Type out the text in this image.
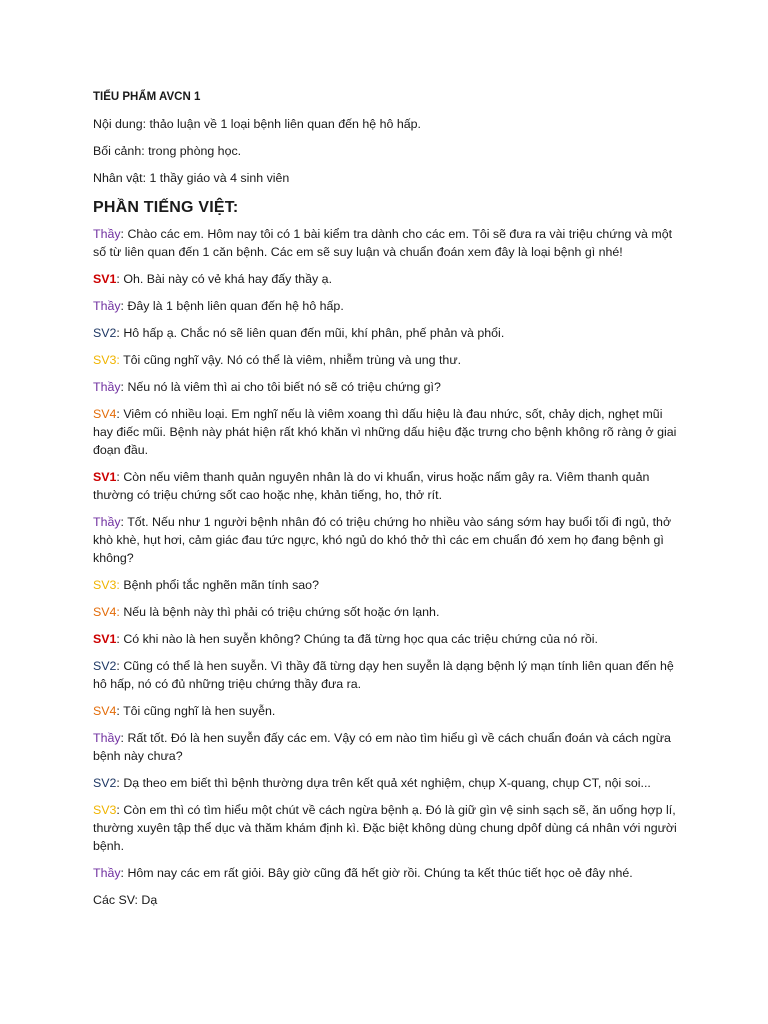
TIỂU PHẨM AVCN 1
Nội dung: thảo luận về 1 loại bệnh liên quan đến hệ hô hấp.
Bối cảnh: trong phòng học.
Nhân vật: 1 thầy giáo và 4 sinh viên
PHẦN TIẾNG VIỆT:
Thầy: Chào các em. Hôm nay tôi có 1 bài kiểm tra dành cho các em. Tôi sẽ đưa ra vài triệu chứng và một số từ liên quan đến 1 căn bệnh. Các em sẽ suy luận và chuẩn đoán xem đây là loại bệnh gì nhé!
SV1: Oh. Bài này có vẻ khá hay đấy thầy ạ.
Thầy: Đây là 1 bệnh liên quan đến hệ hô hấp.
SV2: Hô hấp ạ. Chắc nó sẽ liên quan đến mũi, khí phân, phế phản và phổi.
SV3: Tôi cũng nghĩ vậy. Nó có thể là viêm, nhiễm trùng và ung thư.
Thầy: Nếu nó là viêm thì ai cho tôi biết nó sẽ có triệu chứng gì?
SV4: Viêm có nhiều loại. Em nghĩ nếu là viêm xoang thì dấu hiệu là đau nhức, sốt, chảy dịch, nghẹt mũi hay điếc mũi. Bệnh này phát hiện rất khó khăn vì những dấu hiệu đặc trưng cho bệnh không rõ ràng ở giai đoạn đầu.
SV1: Còn nếu viêm thanh quản nguyên nhân là do vi khuẩn, virus hoặc nấm gây ra. Viêm thanh quản thường có triệu chứng sốt cao hoặc nhẹ, khản tiếng, ho, thở rít.
Thầy: Tốt. Nếu như 1 người bệnh nhân đó có triệu chứng ho nhiều vào sáng sớm hay buổi tối đi ngủ, thở khò khè, hụt hơi, cảm giác đau tức ngực, khó ngủ do khó thở thì các em chuẩn đó xem họ đang bệnh gì không?
SV3: Bệnh phổi tắc nghẽn mãn tính sao?
SV4: Nếu là bệnh này thì phải có triệu chứng sốt hoặc ớn lạnh.
SV1: Có khi nào là hen suyễn không? Chúng ta đã từng học qua các triệu chứng của nó rồi.
SV2: Cũng có thể là hen suyễn. Vì thầy đã từng dạy hen suyễn là dạng bệnh lý mạn tính liên quan đến hệ hô hấp, nó có đủ những triệu chứng thầy đưa ra.
SV4: Tôi cũng nghĩ là hen suyễn.
Thầy: Rất tốt. Đó là hen suyễn đấy các em. Vậy có em nào tìm hiểu gì về cách chuẩn đoán và cách ngừa bệnh này chưa?
SV2: Dạ theo em biết thì bệnh thường dựa trên kết quả xét nghiệm, chụp X-quang, chụp CT, nội soi...
SV3: Còn em thì có tìm hiểu một chút về cách ngừa bệnh ạ. Đó là giữ gìn vệ sinh sạch sẽ, ăn uống hợp lí, thường xuyên tập thể dục và thăm khám định kì. Đặc biệt không dùng chung dpôf dùng cá nhân với người bệnh.
Thầy: Hôm nay các em rất giỏi. Bây giờ cũng đã hết giờ rồi. Chúng ta kết thúc tiết học oẻ đây nhé.
Các SV: Dạ
